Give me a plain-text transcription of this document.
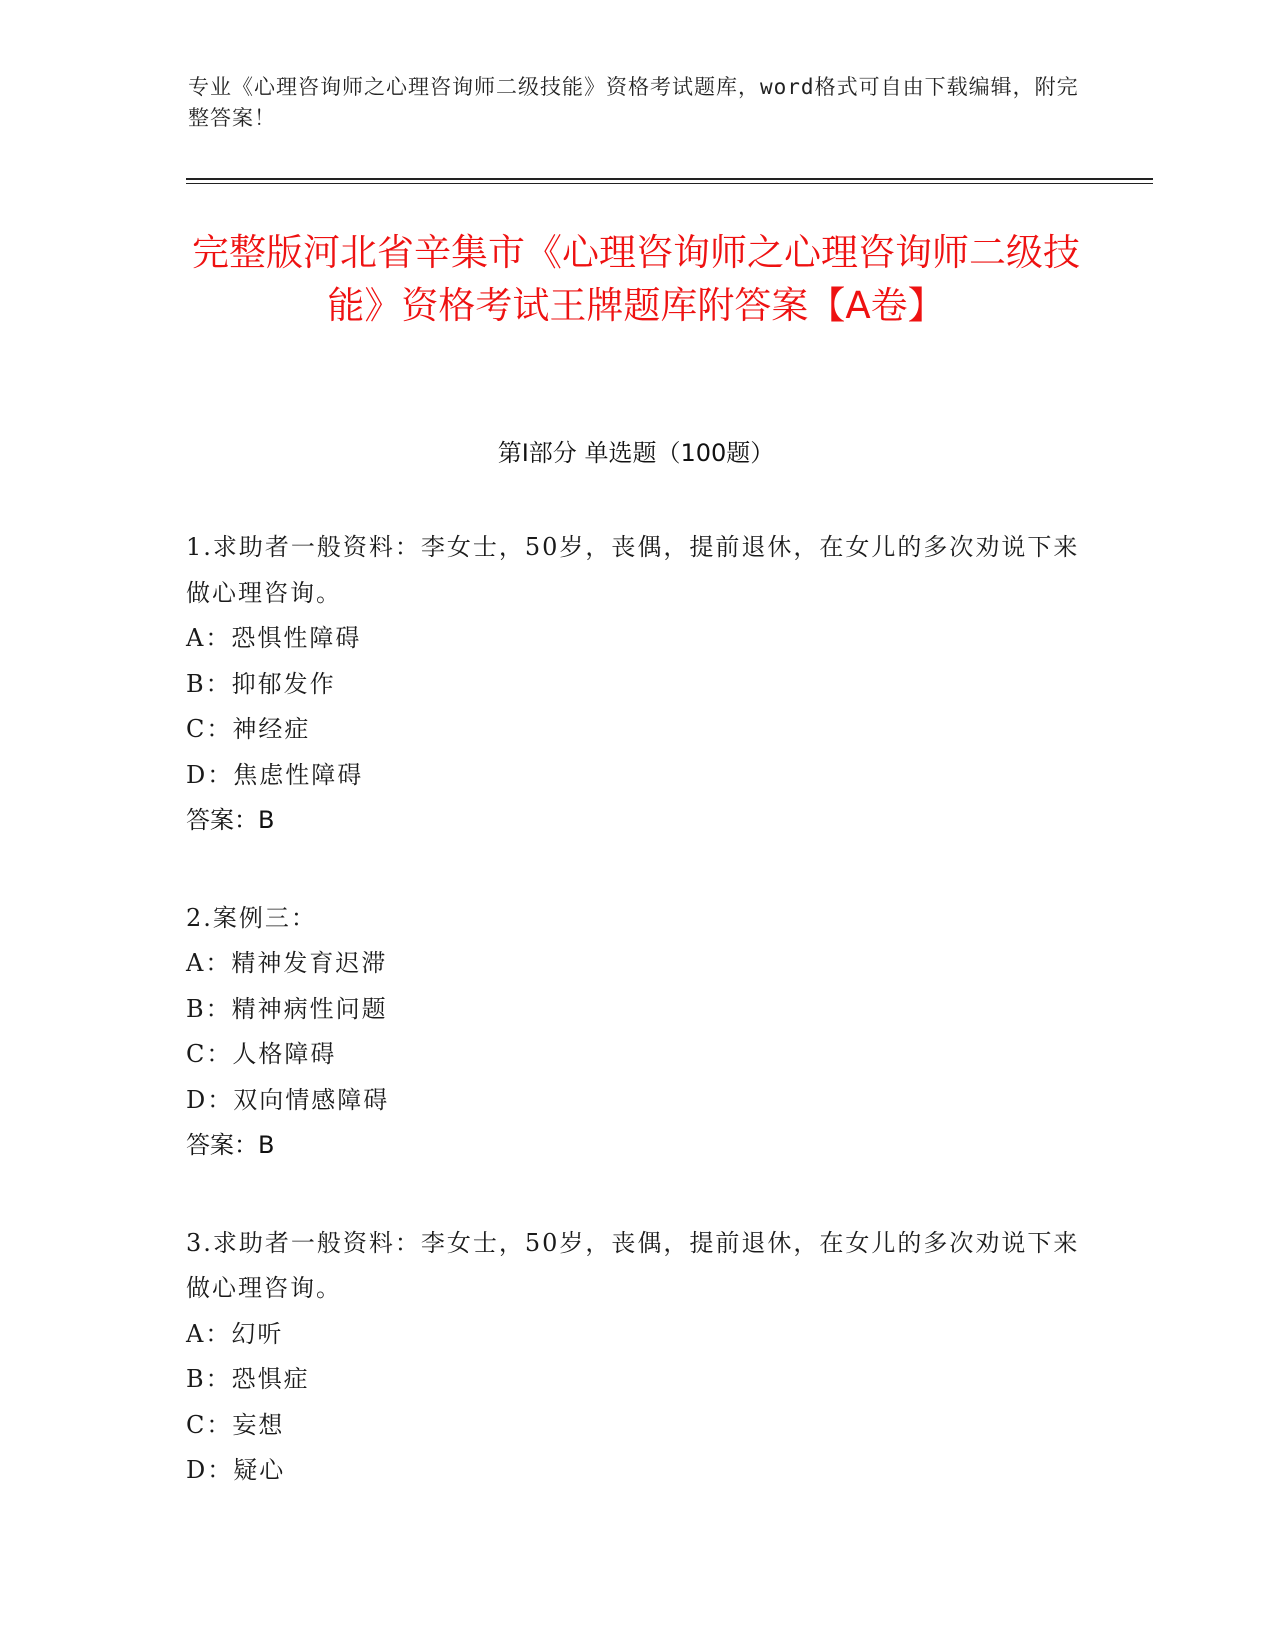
专业《心理咨询师之心理咨询师二级技能》资格考试题库，word格式可自由下载编辑，附完整答案！
完整版河北省辛集市《心理咨询师之心理咨询师二级技能》资格考试王牌题库附答案【A卷】
第Ⅰ部分 单选题（100题）
1.求助者一般资料：李女士，50岁，丧偶，提前退休，在女儿的多次劝说下来做心理咨询。
A：恐惧性障碍
B：抑郁发作
C：神经症
D：焦虑性障碍
答案：B
2.案例三：
A：精神发育迟滞
B：精神病性问题
C：人格障碍
D：双向情感障碍
答案：B
3.求助者一般资料：李女士，50岁，丧偶，提前退休，在女儿的多次劝说下来做心理咨询。
A：幻听
B：恐惧症
C：妄想
D：疑心
